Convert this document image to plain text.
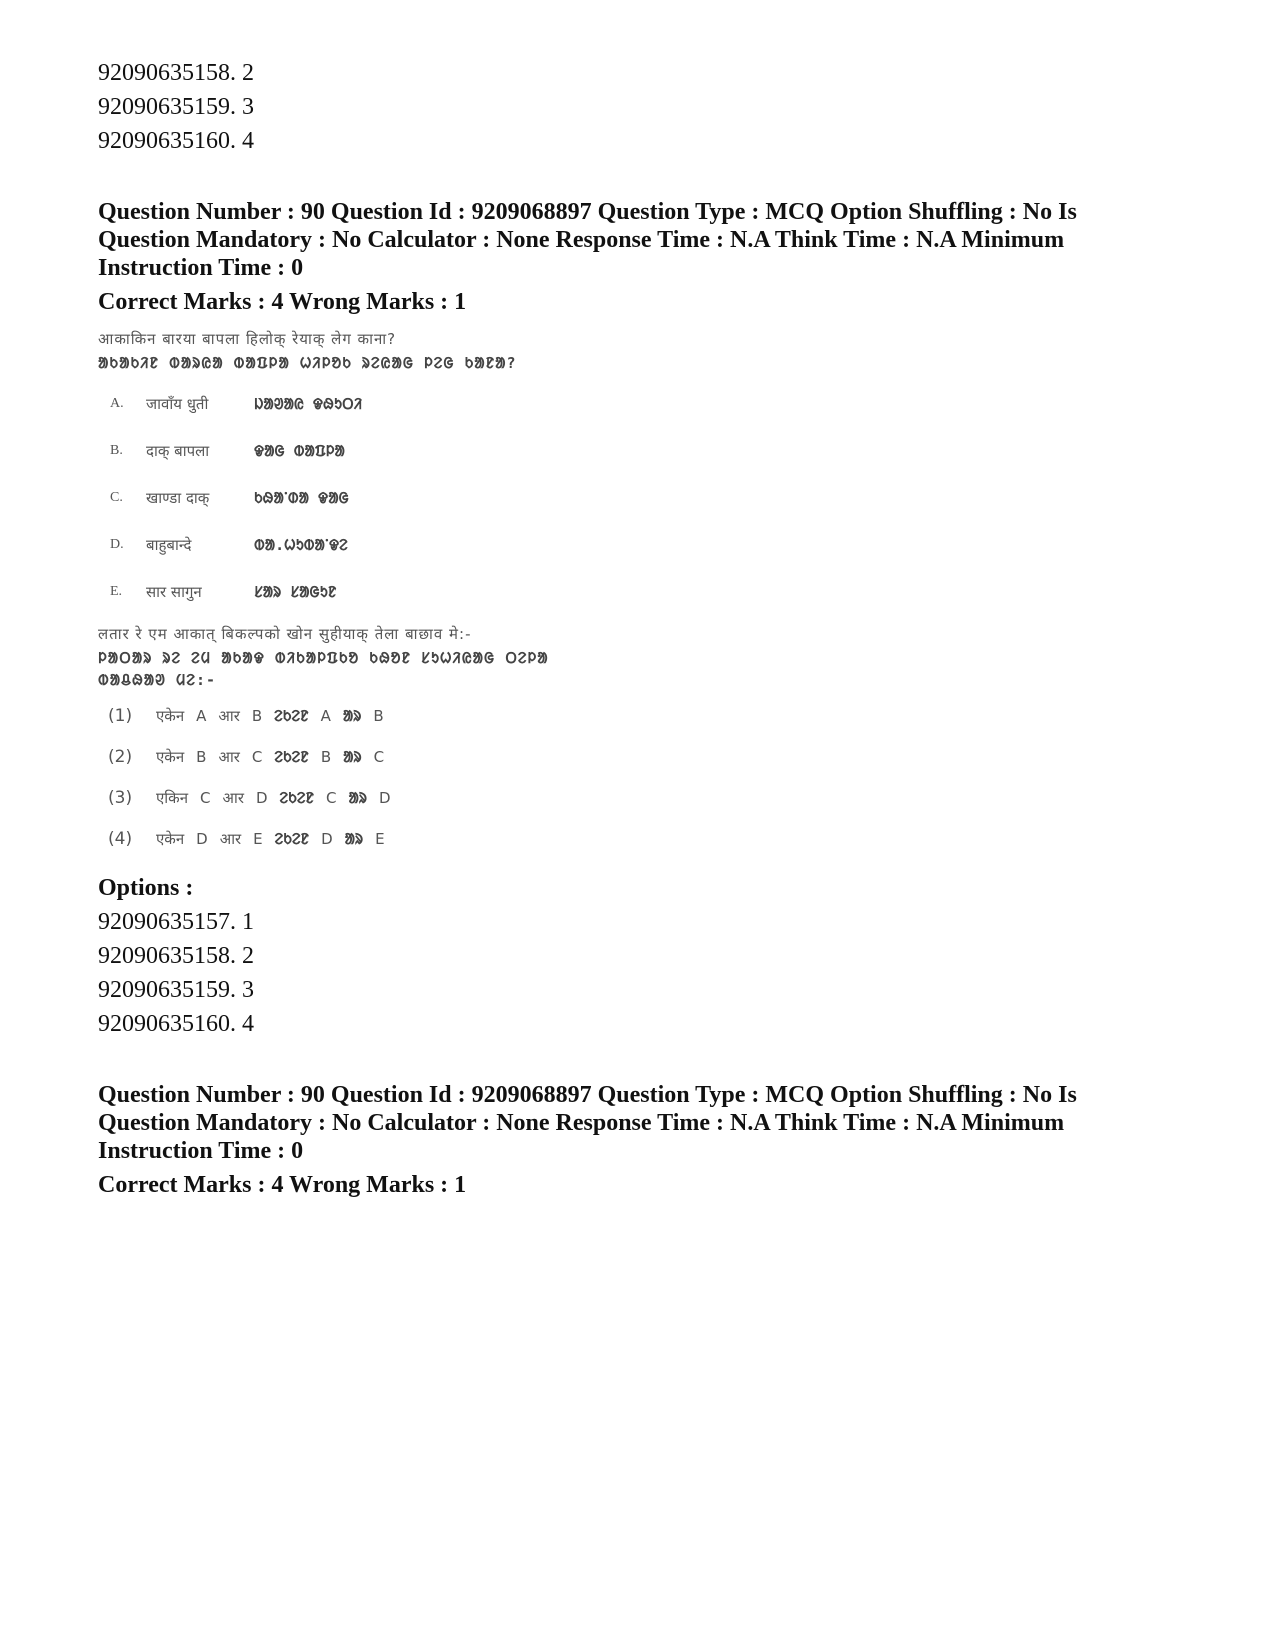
92090635158. 2
92090635159. 3
92090635160. 4
Question Number : 90 Question Id : 9209068897 Question Type : MCQ Option Shuffling : No Is
Question Mandatory : No Calculator : None Response Time : N.A Think Time : N.A Minimum
Instruction Time : 0
Correct Marks : 4 Wrong Marks : 1
आकाकिन बारया बापला हिलोक् रेयाक् लेग काना?
ᱟᱠᱟᱠᱤᱱ ᱵᱟᱨᱭᱟ ᱵᱟᱯᱞᱟ ᱦᱤᱞᱚᱠ ᱨᱮᱭᱟᱜ ᱞᱮᱜ ᱠᱟᱱᱟ?
A.	जावाँय धुती	ᱡᱟᱣᱟᱭ ᱫᱷᱩᱛᱤ
B.	दाक् बापला	ᱫᱟᱜ ᱵᱟᱯᱞᱟ
C.	खाण्डा दाक्	ᱠᱷᱟᱸᱰᱟ ᱫᱟᱜ
D.	बाहुबान्दे	ᱵᱟ.ᱦᱩᱵᱟᱸᱫᱮ
E.	सार सागुन	ᱥᱟᱨ ᱥᱟᱜᱩᱱ
लतार रे एम आकात् बिकल्पको खोन सुहीयाक् तेला बाछाव मे:-
ᱞᱟᱛᱟᱨ ᱨᱮ ᱮᱢ ᱟᱠᱟᱫ ᱵᱤᱠᱟᱞᱯᱠᱚ ᱠᱷᱚᱱ ᱥᱩᱦᱤᱭᱟᱜ ᱛᱮᱞᱟ ᱵᱟᱪᱷᱟᱣ ᱢᱮ:-
(1)	एकेन A आर B ᱮᱠᱮᱱ A ᱟᱨ B
(2)	एकेन B आर C ᱮᱠᱮᱱ B ᱟᱨ C
(3)	एकिन C आर D ᱮᱠᱮᱱ C ᱟᱨ D
(4)	एकेन D आर E ᱮᱠᱮᱱ D ᱟᱨ E
Options :
92090635157. 1
92090635158. 2
92090635159. 3
92090635160. 4
Question Number : 90 Question Id : 9209068897 Question Type : MCQ Option Shuffling : No Is
Question Mandatory : No Calculator : None Response Time : N.A Think Time : N.A Minimum
Instruction Time : 0
Correct Marks : 4 Wrong Marks : 1
